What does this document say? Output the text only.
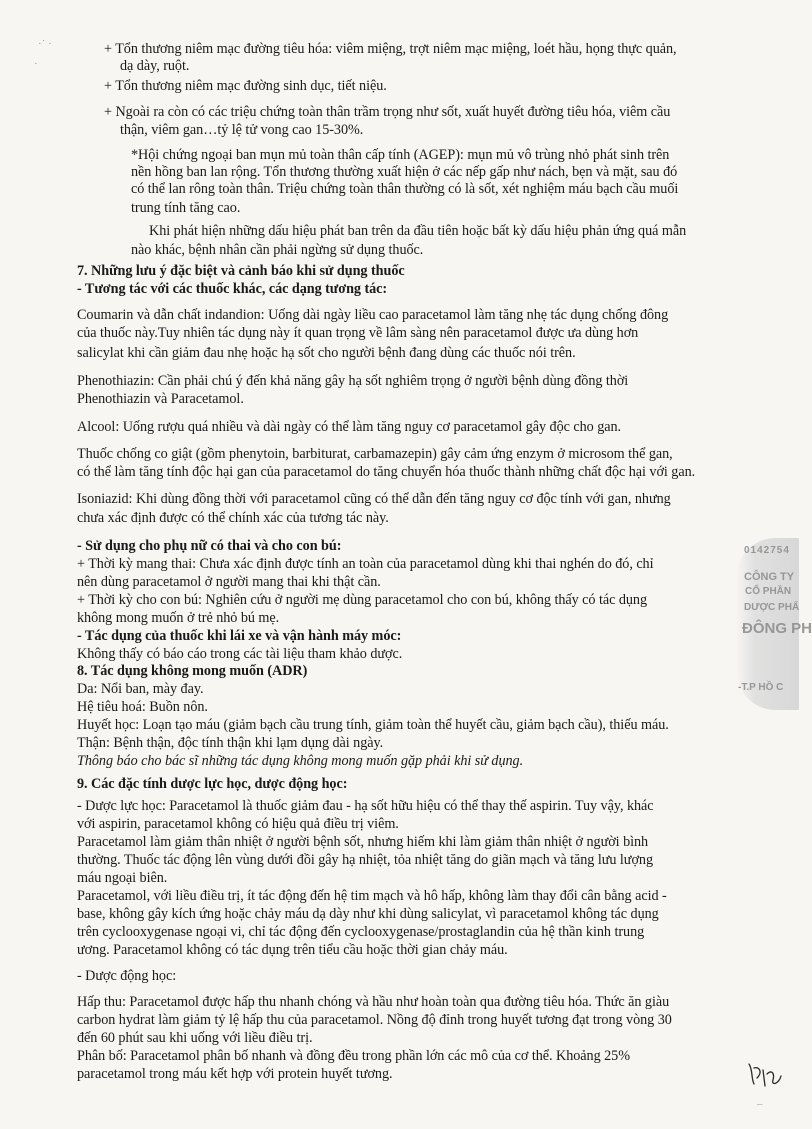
·˙ ·
·
+ Tổn thương niêm mạc đường tiêu hóa: viêm miệng, trợt niêm mạc miệng, loét hầu, họng thực quản,
dạ dày, ruột.
+ Tổn thương niêm mạc đường sinh dục, tiết niệu.
+ Ngoài ra còn có các triệu chứng toàn thân trầm trọng như sốt, xuất huyết đường tiêu hóa, viêm cầu
thận, viêm gan…tỷ lệ tử vong cao 15-30%.
*Hội chứng ngoại ban mụn mủ toàn thân cấp tính (AGEP): mụn mủ vô trùng nhỏ phát sinh trên
nền hồng ban lan rộng. Tổn thương thường xuất hiện ở các nếp gấp như nách, bẹn và mặt, sau đó
có thể lan rông toàn thân. Triệu chứng toàn thân thường có là sốt, xét nghiệm máu bạch cầu muối
trung tính tăng cao.
Khi phát hiện những dấu hiệu phát ban trên da đầu tiên hoặc bất kỳ dấu hiệu phản ứng quá mẫn
nào khác, bệnh nhân cần phải ngừng sử dụng thuốc.
7. Những lưu ý đặc biệt và cảnh báo khi sử dụng thuốc
- Tương tác với các thuốc khác, các dạng tương tác:
Coumarin và dẫn chất indandion: Uống dài ngày liều cao paracetamol làm tăng nhẹ tác dụng chống đông
của thuốc này.Tuy nhiên tác dụng này ít quan trọng về lâm sàng nên paracetamol được ưa dùng hơn
salicylat khi cần giảm đau nhẹ hoặc hạ sốt cho người bệnh đang dùng các thuốc nói trên.
Phenothiazin: Cần phải chú ý đến khả năng gây hạ sốt nghiêm trọng ở người bệnh dùng đồng thời
Phenothiazin và Paracetamol.
Alcool: Uống rượu quá nhiều và dài ngày có thể làm tăng nguy cơ paracetamol gây độc cho gan.
Thuốc chống co giật (gồm phenytoin, barbiturat, carbamazepin) gây cảm ứng enzym ở microsom thể gan,
có thể làm tăng tính độc hại gan của paracetamol do tăng chuyển hóa thuốc thành những chất độc hại với gan.
Isoniazid: Khi dùng đồng thời với paracetamol cũng có thể dẫn đến tăng nguy cơ độc tính với gan, nhưng
chưa xác định được có thể chính xác của tương tác này.
- Sử dụng cho phụ nữ có thai và cho con bú:
+ Thời kỳ mang thai: Chưa xác định được tính an toàn của paracetamol dùng khi thai nghén do đó, chỉ
nên dùng paracetamol ở người mang thai khi thật cần.
+ Thời kỳ cho con bú: Nghiên cứu ở người mẹ dùng paracetamol cho con bú, không thấy có tác dụng
không mong muốn ở trẻ nhỏ bú mẹ.
- Tác dụng của thuốc khi lái xe và vận hành máy móc:
Không thấy có báo cáo trong các tài liệu tham khảo dược.
8. Tác dụng không mong muốn (ADR)
Da: Nổi ban, mày đay.
Hệ tiêu hoá: Buồn nôn.
Huyết học: Loạn tạo máu (giảm bạch cầu trung tính, giảm toàn thể huyết cầu, giảm bạch cầu), thiếu máu.
Thận: Bệnh thận, độc tính thận khi lạm dụng dài ngày.
Thông báo cho bác sĩ những tác dụng không mong muốn gặp phải khi sử dụng.
9. Các đặc tính dược lực học, dược động học:
- Dược lực học: Paracetamol là thuốc giảm đau - hạ sốt hữu hiệu có thể thay thế aspirin. Tuy vậy, khác
với aspirin, paracetamol không có hiệu quả điều trị viêm.
Paracetamol làm giảm thân nhiệt ở người bệnh sốt, nhưng hiếm khi làm giảm thân nhiệt ở người bình
thường. Thuốc tác động lên vùng dưới đồi gây hạ nhiệt, tỏa nhiệt tăng do giãn mạch và tăng lưu lượng
máu ngoại biên.
Paracetamol, với liều điều trị, ít tác động đến hệ tim mạch và hô hấp, không làm thay đổi cân bằng acid -
base, không gây kích ứng hoặc chảy máu dạ dày như khi dùng salicylat, vì paracetamol không tác dụng
trên cyclooxygenase ngoại vi, chỉ tác động đến cyclooxygenase/prostaglandin của hệ thần kinh trung
ương. Paracetamol không có tác dụng trên tiểu cầu hoặc thời gian chảy máu.
- Dược động học:
Hấp thu: Paracetamol được hấp thu nhanh chóng và hầu như hoàn toàn qua đường tiêu hóa. Thức ăn giàu
carbon hydrat làm giảm tỷ lệ hấp thu của paracetamol. Nồng độ đỉnh trong huyết tương đạt trong vòng 30
đến 60 phút sau khi uống với liều điều trị.
Phân bố: Paracetamol phân bố nhanh và đồng đều trong phần lớn các mô của cơ thể. Khoảng 25%
paracetamol trong máu kết hợp với protein huyết tương.
0142754
CÔNG TY
CỔ PHẦN
DƯỢC PHẨ
ĐÔNG PH
-T.P HỒ C
‒
